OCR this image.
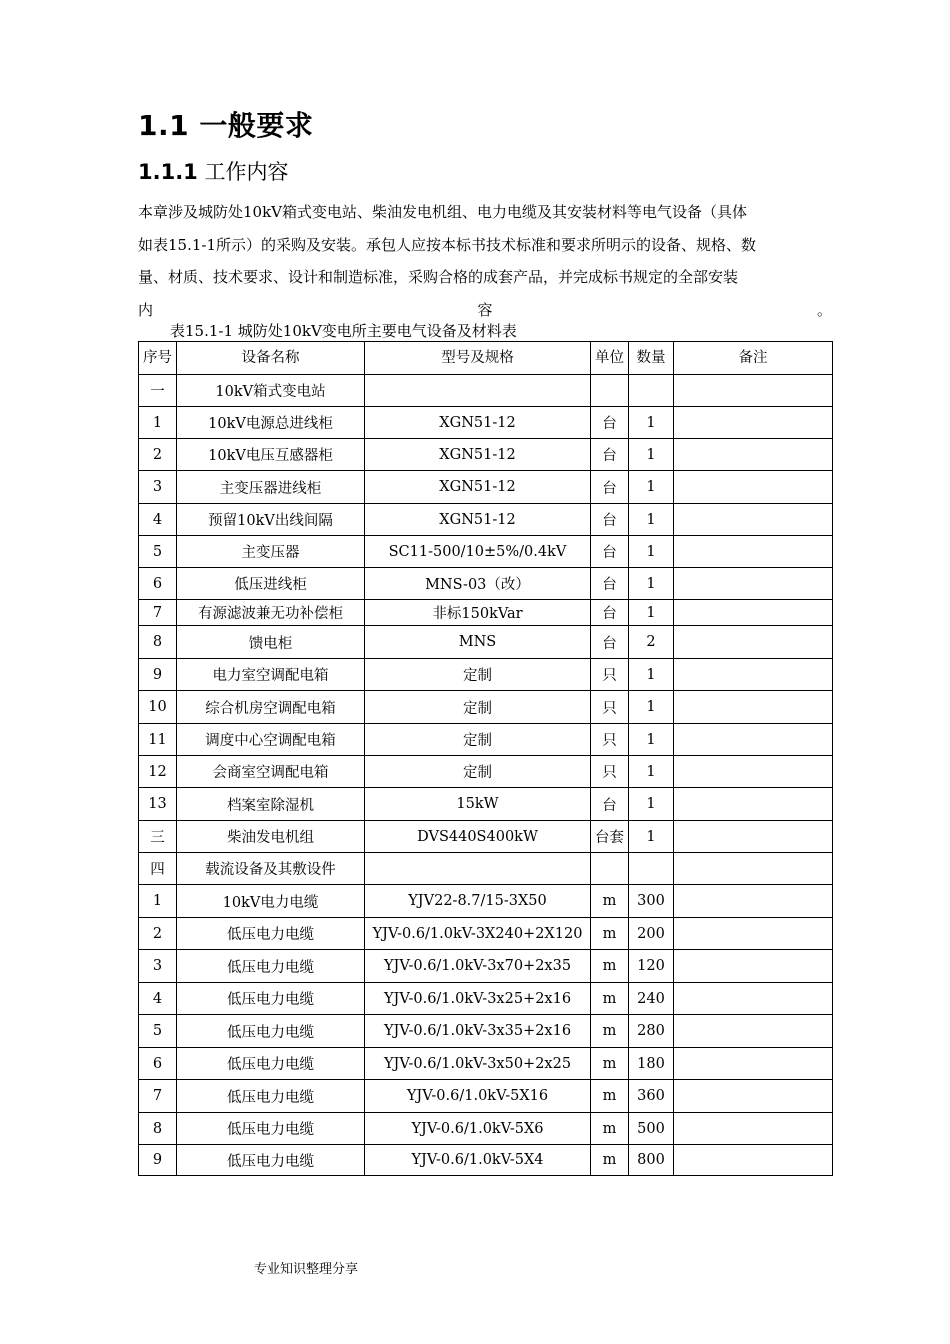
1.1 一般要求
1.1.1 工作内容
本章涉及城防处10kV箱式变电站、柴油发电机组、电力电缆及其安装材料等电气设备（具体
如表15.1-1所示）的采购及安装。承包人应按本标书技术标准和要求所明示的设备、规格、数
量、材质、技术要求、设计和制造标准，采购合格的成套产品，并完成标书规定的全部安装
内	容	。
表15.1-1 城防处10kV变电所主要电气设备及材料表
序号	设备名称	型号及规格	单位	数量	备注
一	10kV箱式变电站				
1	10kV电源总进线柜	XGN51-12	台	1	
2	10kV电压互感器柜	XGN51-12	台	1	
3	主变压器进线柜	XGN51-12	台	1	
4	预留10kV出线间隔	XGN51-12	台	1	
5	主变压器	SC11-500/10±5%/0.4kV	台	1	
6	低压进线柜	MNS-03（改）	台	1	
7	有源滤波兼无功补偿柜	非标150kVar	台	1	
8	馈电柜	MNS	台	2	
9	电力室空调配电箱	定制	只	1	
10	综合机房空调配电箱	定制	只	1	
11	调度中心空调配电箱	定制	只	1	
12	会商室空调配电箱	定制	只	1	
13	档案室除湿机	15kW	台	1	
三	柴油发电机组	DVS440S400kW	台套	1	
四	载流设备及其敷设件				
1	10kV电力电缆	YJV22-8.7/15-3X50	m	300	
2	低压电力电缆	YJV-0.6/1.0kV-3X240+2X120	m	200	
3	低压电力电缆	YJV-0.6/1.0kV-3x70+2x35	m	120	
4	低压电力电缆	YJV-0.6/1.0kV-3x25+2x16	m	240	
5	低压电力电缆	YJV-0.6/1.0kV-3x35+2x16	m	280	
6	低压电力电缆	YJV-0.6/1.0kV-3x50+2x25	m	180	
7	低压电力电缆	YJV-0.6/1.0kV-5X16	m	360	
8	低压电力电缆	YJV-0.6/1.0kV-5X6	m	500	
9	低压电力电缆	YJV-0.6/1.0kV-5X4	m	800	
专业知识整理分享
